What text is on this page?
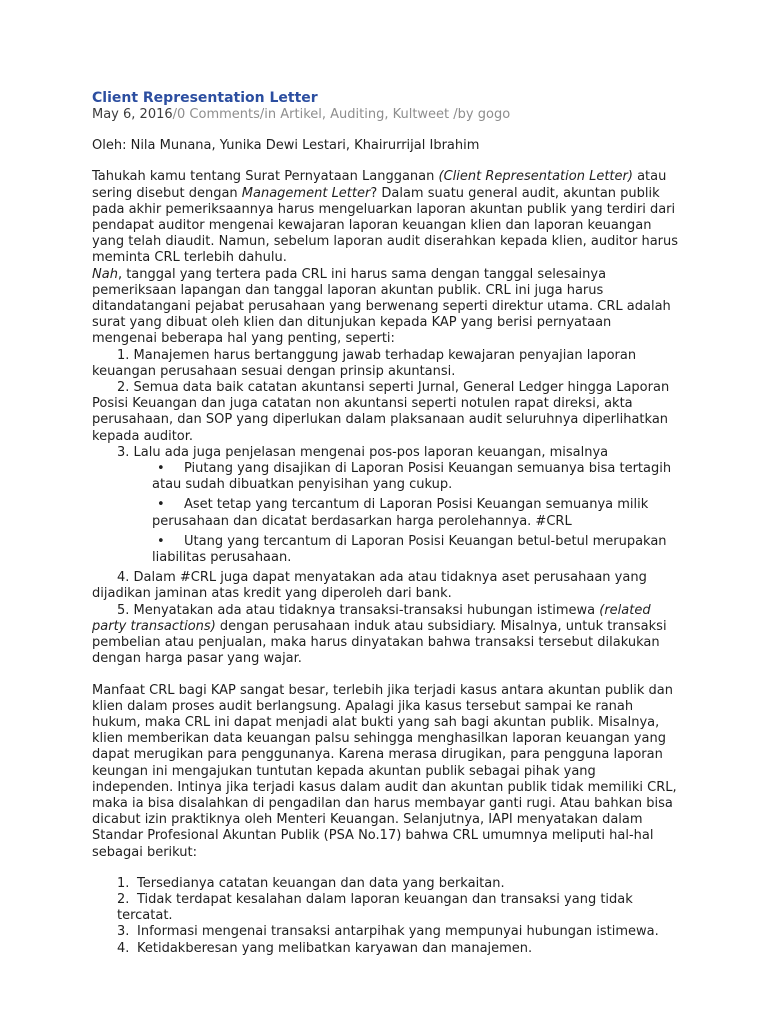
Client Representation Letter
May 6, 2016/0 Comments/in Artikel, Auditing, Kultweet /by gogo
Oleh: Nila Munana, Yunika Dewi Lestari, Khairurrijal Ibrahim

Tahukah kamu tentang Surat Pernyataan Langganan (Client Representation Letter) atau sering disebut dengan Management Letter? Dalam suatu general audit, akuntan publik pada akhir pemeriksaannya harus mengeluarkan laporan akuntan publik yang terdiri dari pendapat auditor mengenai kewajaran laporan keuangan klien dan laporan keuangan yang telah diaudit. Namun, sebelum laporan audit diserahkan kepada klien, auditor harus meminta CRL terlebih dahulu.

Nah, tanggal yang tertera pada CRL ini harus sama dengan tanggal selesainya pemeriksaan lapangan dan tanggal laporan akuntan publik. CRL ini juga harus ditandatangani pejabat perusahaan yang berwenang seperti direktur utama. CRL adalah surat yang dibuat oleh klien dan ditunjukan kepada KAP yang berisi pernyataan mengenai beberapa hal yang penting, seperti:

1. Manajemen harus bertanggung jawab terhadap kewajaran penyajian laporan keuangan perusahaan sesuai dengan prinsip akuntansi.

2. Semua data baik catatan akuntansi seperti Jurnal, General Ledger hingga Laporan Posisi Keuangan dan juga catatan non akuntansi seperti notulen rapat direksi, akta perusahaan, dan SOP yang diperlukan dalam plaksanaan audit seluruhnya diperlihatkan kepada auditor.

3. Lalu ada juga penjelasan mengenai pos-pos laporan keuangan, misalnya

•	Piutang yang disajikan di Laporan Posisi Keuangan semuanya bisa tertagih atau sudah dibuatkan penyisihan yang cukup.
•	Aset tetap yang tercantum di Laporan Posisi Keuangan semuanya milik perusahaan dan dicatat berdasarkan harga perolehannya. #CRL
•	Utang yang tercantum di Laporan Posisi Keuangan betul-betul merupakan liabilitas perusahaan.

4. Dalam #CRL juga dapat menyatakan ada atau tidaknya aset perusahaan yang dijadikan jaminan atas kredit yang diperoleh dari bank.

5. Menyatakan ada atau tidaknya transaksi-transaksi hubungan istimewa (related party transactions) dengan perusahaan induk atau subsidiary. Misalnya, untuk transaksi pembelian atau penjualan, maka harus dinyatakan bahwa transaksi tersebut dilakukan dengan harga pasar yang wajar.

Manfaat CRL bagi KAP sangat besar, terlebih jika terjadi kasus antara akuntan publik dan klien dalam proses audit berlangsung. Apalagi jika kasus tersebut sampai ke ranah hukum, maka CRL ini dapat menjadi alat bukti yang sah bagi akuntan publik. Misalnya, klien memberikan data keuangan palsu sehingga menghasilkan laporan keuangan yang dapat merugikan para penggunanya. Karena merasa dirugikan, para pengguna laporan keungan ini mengajukan tuntutan kepada akuntan publik sebagai pihak yang independen. Intinya jika terjadi kasus dalam audit dan akuntan publik tidak memiliki CRL, maka ia bisa disalahkan di pengadilan dan harus membayar ganti rugi. Atau bahkan bisa dicabut izin praktiknya oleh Menteri Keuangan. Selanjutnya, IAPI menyatakan dalam Standar Profesional Akuntan Publik (PSA No.17) bahwa CRL umumnya meliputi hal-hal sebagai berikut:
1. Tersedianya catatan keuangan dan data yang berkaitan.
2. Tidak terdapat kesalahan dalam laporan keuangan dan transaksi yang tidak tercatat.
3. Informasi mengenai transaksi antarpihak yang mempunyai hubungan istimewa.
4. Ketidakberesan yang melibatkan karyawan dan manajemen.
